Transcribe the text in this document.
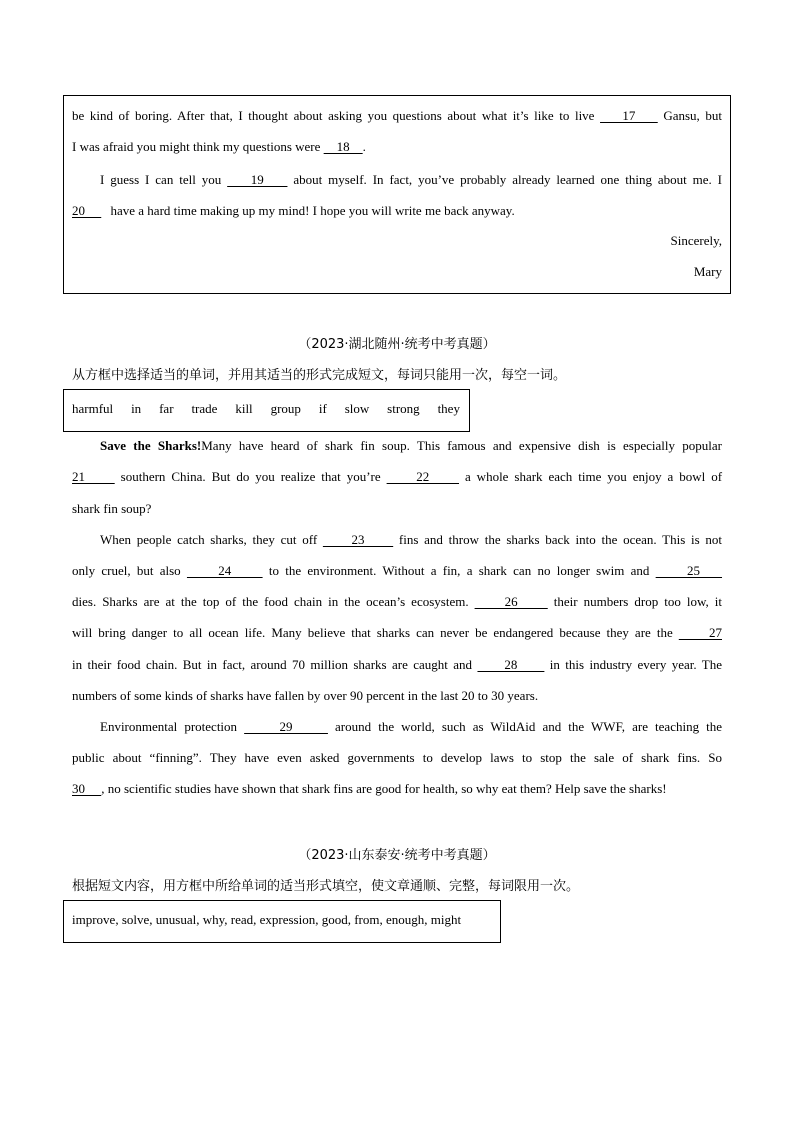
be kind of boring. After that, I thought about asking you questions about what it’s like to live     17     Gansu, but
I was afraid you might think my questions were     18    .
I guess I can tell you     19     about myself. In fact, you’ve probably already learned one thing about me. I
20      have a hard time making up my mind! I hope you will write me back anyway.
Sincerely,
Mary
（2023·湖北随州·统考中考真题）
从方框中选择适当的单词，并用其适当的形式完成短文，每词只能用一次，每空一词。
harmful in far trade kill group if slow strong they
Save the Sharks!Many have heard of shark fin soup. This famous and expensive dish is especially popular
21      southern China. But do you realize that you’re      22      a whole shark each time you enjoy a bowl of
shark fin soup?
When people catch sharks, they cut off      23      fins and throw the sharks back into the ocean. This is not
only cruel, but also      24      to the environment. Without a fin, a shark can no longer swim and      25
dies. Sharks are at the top of the food chain in the ocean’s ecosystem.      26      their numbers drop too low, it
will bring danger to all ocean life. Many believe that sharks can never be endangered because they are the      27
in their food chain. But in fact, around 70 million sharks are caught and      28      in this industry every year. The
numbers of some kinds of sharks have fallen by over 90 percent in the last 20 to 30 years.
Environmental protection      29      around the world, such as WildAid and the WWF, are teaching the
public about “finning”. They have even asked governments to develop laws to stop the sale of shark fins. So
30     , no scientific studies have shown that shark fins are good for health, so why eat them? Help save the sharks!
（2023·山东泰安·统考中考真题）
根据短文内容，用方框中所给单词的适当形式填空，使文章通顺、完整，每词限用一次。
improve, solve, unusual, why, read, expression, good, from, enough, might
